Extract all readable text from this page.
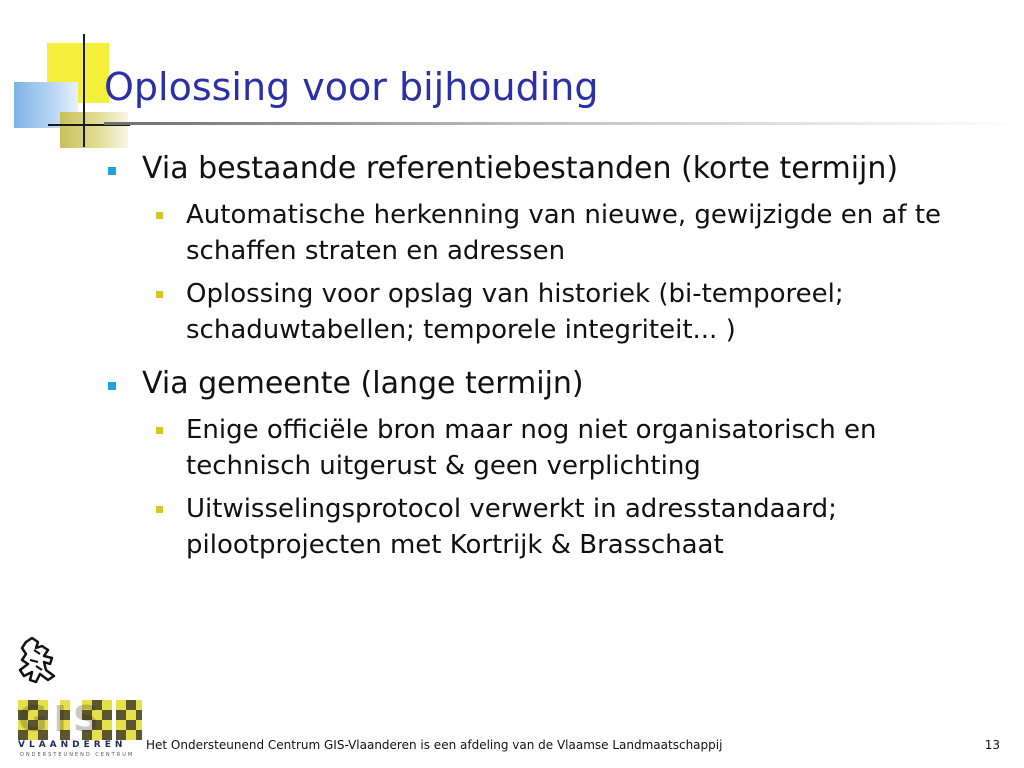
Oplossing voor bijhouding
Via bestaande referentiebestanden (korte termijn)
Automatische herkenning van nieuwe, gewijzigde en af te schaffen straten en adressen
Oplossing voor opslag van historiek (bi-temporeel; schaduwtabellen; temporele integriteit... )
Via gemeente (lange termijn)
Enige officiële bron maar nog niet organisatorisch en technisch uitgerust & geen verplichting
Uitwisselingsprotocol verwerkt in adresstandaard; pilootprojecten met Kortrijk & Brasschaat
GIS
VLAANDEREN
ONDERSTEUNEND CENTRUM
Het Ondersteunend Centrum GIS-Vlaanderen is een afdeling van de Vlaamse Landmaatschappij	13
